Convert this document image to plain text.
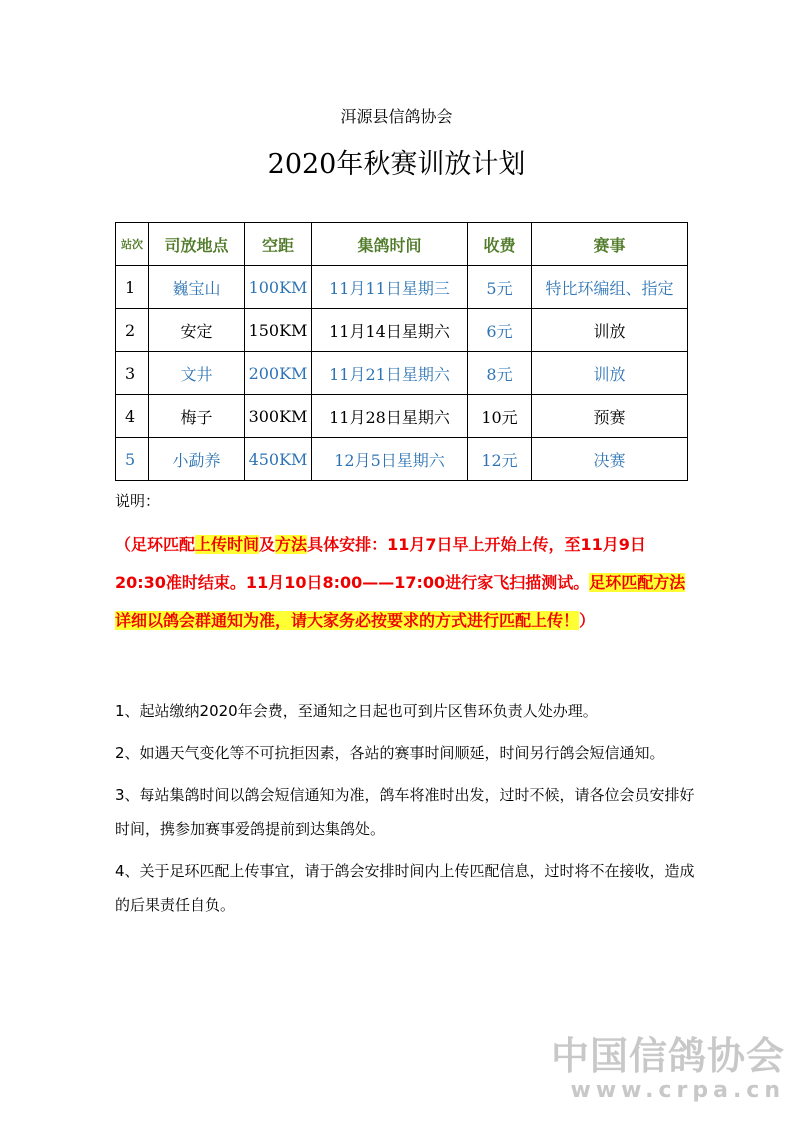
洱源县信鸽协会
2020年秋赛训放计划
站次	司放地点	空距	集鸽时间	收费	赛事
1	巍宝山	100KM	11月11日星期三	5元	特比环编组、指定
2	安定	150KM	11月14日星期六	6元	训放
3	文井	200KM	11月21日星期六	8元	训放
4	梅子	300KM	11月28日星期六	10元	预赛
5	小勐养	450KM	12月5日星期六	12元	决赛
说明：
（足环匹配上传时间及方法具体安排：11月7日早上开始上传，至11月9日20:30准时结束。11月10日8:00——17:00进行家飞扫描测试。足环匹配方法详细以鸽会群通知为准，请大家务必按要求的方式进行匹配上传！）

1、起站缴纳2020年会费，至通知之日起也可到片区售环负责人处办理。

2、如遇天气变化等不可抗拒因素，各站的赛事时间顺延，时间另行鸽会短信通知。

3、每站集鸽时间以鸽会短信通知为准，鸽车将准时出发，过时不候，请各位会员安排好时间，携参加赛事爱鸽提前到达集鸽处。

4、关于足环匹配上传事宜，请于鸽会安排时间内上传匹配信息，过时将不在接收，造成的后果责任自负。

中国信鸽协会
www.crpa.cn
